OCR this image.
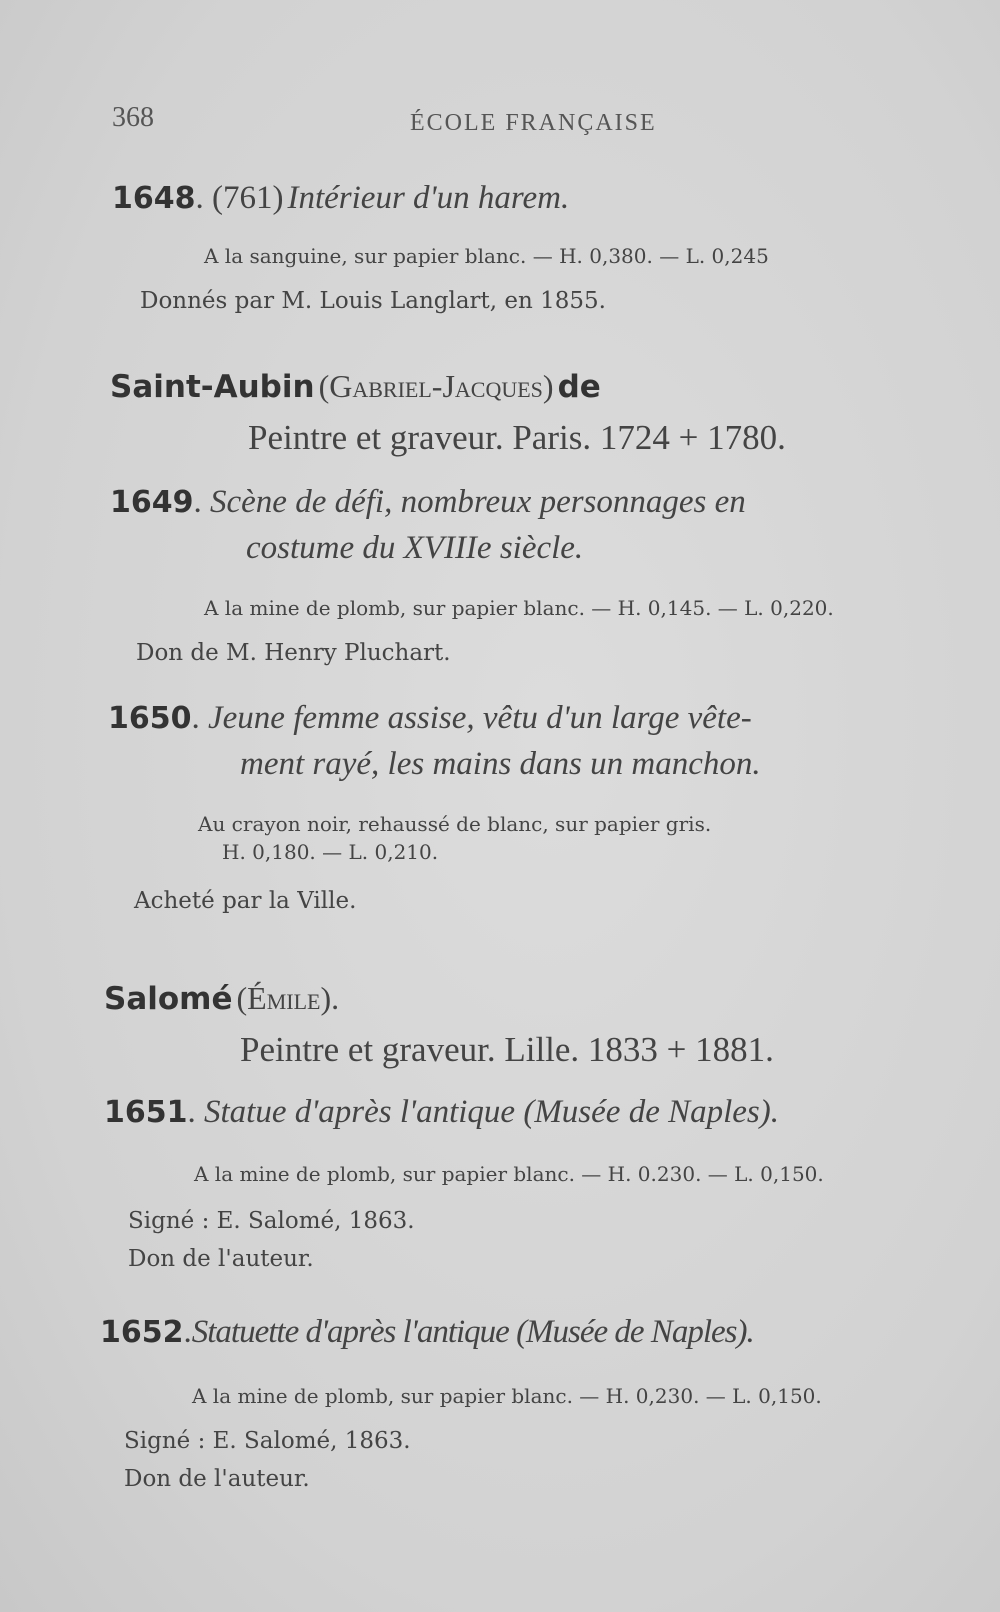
368	ÉCOLE FRANÇAISE
1648. (761) Intérieur d'un harem.
A la sanguine, sur papier blanc. — H. 0,380. — L. 0,245
Donnés par M. Louis Langlart, en 1855.
Saint-Aubin (Gabriel-Jacques) de
Peintre et graveur. Paris. 1724 + 1780.
1649. Scène de défi, nombreux personnages en
costume du XVIIIe siècle.
A la mine de plomb, sur papier blanc. — H. 0,145. — L. 0,220.
Don de M. Henry Pluchart.
1650. Jeune femme assise, vêtu d'un large vête-
ment rayé, les mains dans un manchon.
Au crayon noir, rehaussé de blanc, sur papier gris.
H. 0,180. — L. 0,210.
Acheté par la Ville.
Salomé (Émile).
Peintre et graveur. Lille. 1833 + 1881.
1651. Statue d'après l'antique (Musée de Naples).
A la mine de plomb, sur papier blanc. — H. 0.230. — L. 0,150.
Signé : E. Salomé, 1863.
Don de l'auteur.
1652.Statuette d'après l'antique (Musée de Naples).
A la mine de plomb, sur papier blanc. — H. 0,230. — L. 0,150.
Signé : E. Salomé, 1863.
Don de l'auteur.
